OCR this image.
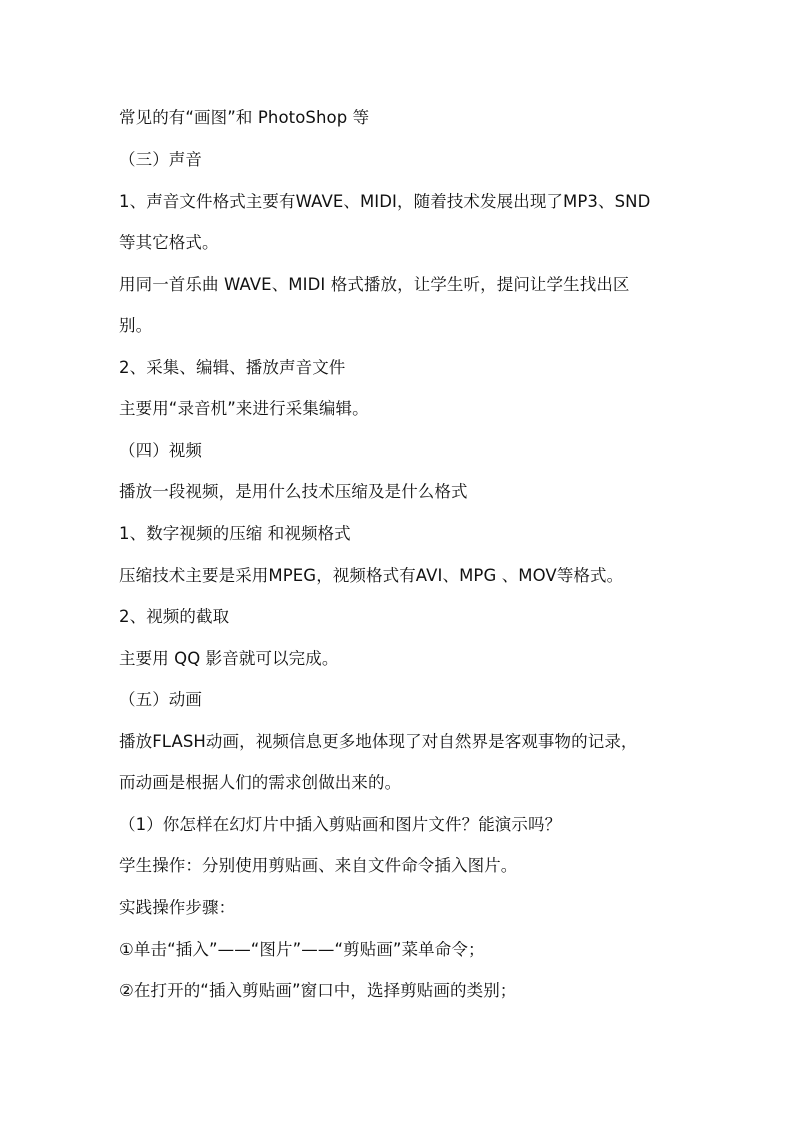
常见的有“画图”和 PhotoShop 等
（三）声音
1、声音文件格式主要有WAVE、MIDI，随着技术发展出现了MP3、SND
等其它格式。
用同一首乐曲 WAVE、MIDI 格式播放，让学生听，提问让学生找出区
别。
2、采集、编辑、播放声音文件
主要用“录音机”来进行采集编辑。
（四）视频
播放一段视频，是用什么技术压缩及是什么格式
1、数字视频的压缩 和视频格式
压缩技术主要是采用MPEG，视频格式有AVI、MPG 、MOV等格式。
2、视频的截取
主要用 QQ 影音就可以完成。
（五）动画
播放FLASH动画，视频信息更多地体现了对自然界是客观事物的记录，
而动画是根据人们的需求创做出来的。
（1）你怎样在幻灯片中插入剪贴画和图片文件？能演示吗？
学生操作：分别使用剪贴画、来自文件命令插入图片。
实践操作步骤：
①单击“插入”——“图片”——“剪贴画”菜单命令；
②在打开的“插入剪贴画”窗口中，选择剪贴画的类别；
